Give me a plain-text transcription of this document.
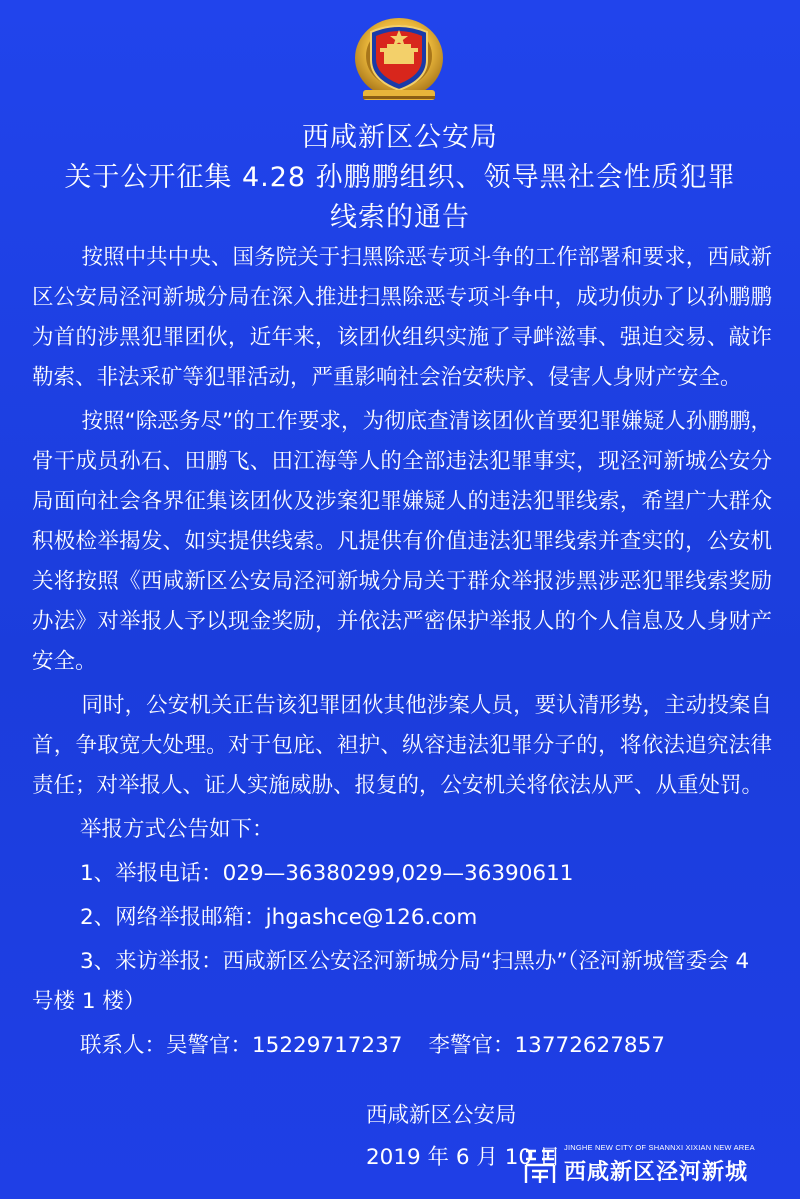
西咸新区公安局
关于公开征集 4.28 孙鹏鹏组织、领导黑社会性质犯罪
线索的通告

按照中共中央、国务院关于扫黑除恶专项斗争的工作部署和要求，西咸新区公安局泾河新城分局在深入推进扫黑除恶专项斗争中，成功侦办了以孙鹏鹏为首的涉黑犯罪团伙，近年来，该团伙组织实施了寻衅滋事、强迫交易、敲诈勒索、非法采矿等犯罪活动，严重影响社会治安秩序、侵害人身财产安全。

按照“除恶务尽”的工作要求，为彻底查清该团伙首要犯罪嫌疑人孙鹏鹏，骨干成员孙石、田鹏飞、田江海等人的全部违法犯罪事实，现泾河新城公安分局面向社会各界征集该团伙及涉案犯罪嫌疑人的违法犯罪线索，希望广大群众积极检举揭发、如实提供线索。凡提供有价值违法犯罪线索并查实的，公安机关将按照《西咸新区公安局泾河新城分局关于群众举报涉黑涉恶犯罪线索奖励办法》对举报人予以现金奖励，并依法严密保护举报人的个人信息及人身财产安全。

同时，公安机关正告该犯罪团伙其他涉案人员，要认清形势，主动投案自首，争取宽大处理。对于包庇、袒护、纵容违法犯罪分子的，将依法追究法律责任；对举报人、证人实施威胁、报复的，公安机关将依法从严、从重处罚。

举报方式公告如下：
1、举报电话：029—36380299,029—36390611
2、网络举报邮箱：jhgashce@126.com
3、来访举报：西咸新区公安泾河新城分局“扫黑办”（泾河新城管委会 4 号楼 1 楼）
联系人：吴警官：15229717237 李警官：13772627857
西咸新区公安局
2019 年 6 月 10 日 JINGHE NEW CITY OF SHANNXI XIXIAN NEW AREA
西咸新区泾河新城
